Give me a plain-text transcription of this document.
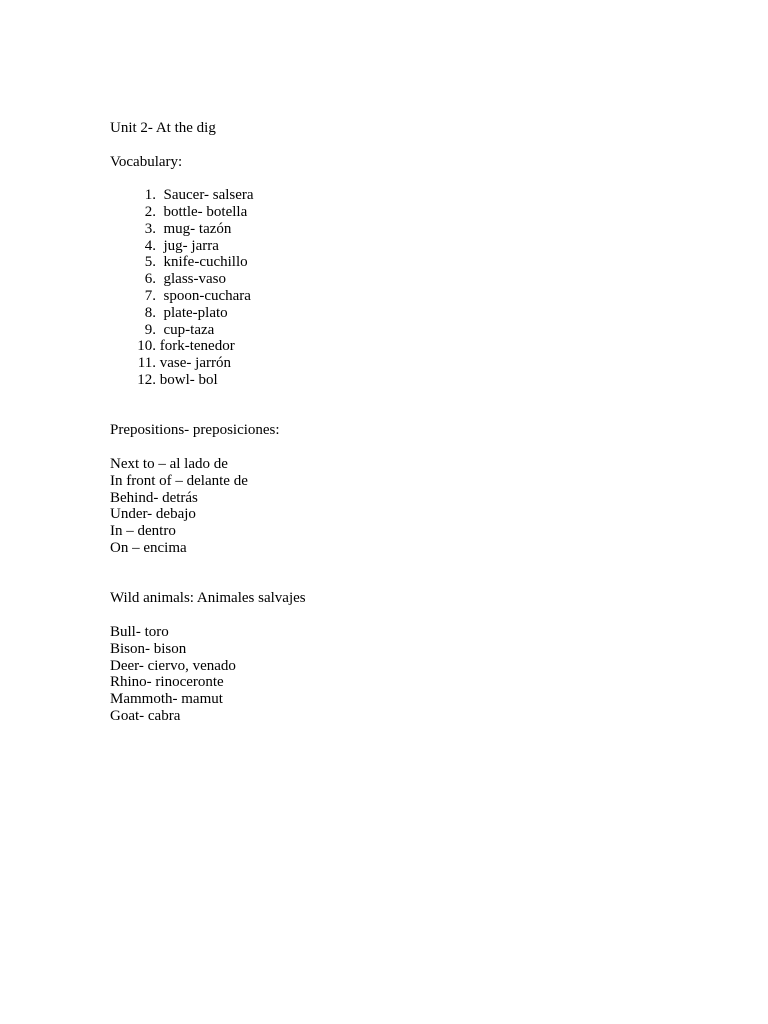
Unit 2- At the dig
Vocabulary:
1.
Saucer- salsera
2.
bottle- botella
3.
mug- tazón
4.
jug- jarra
5.
knife-cuchillo
6.
glass-vaso
7.
spoon-cuchara
8.
plate-plato
9.
cup-taza
10.
fork-tenedor
11.
vase- jarrón
12.
bowl- bol
Prepositions- preposiciones:
Next to – al lado de
In front of – delante de
Behind- detrás
Under- debajo
In – dentro
On – encima
Wild animals: Animales salvajes
Bull- toro
Bison- bison
Deer- ciervo, venado
Rhino- rinoceronte
Mammoth- mamut
Goat- cabra
